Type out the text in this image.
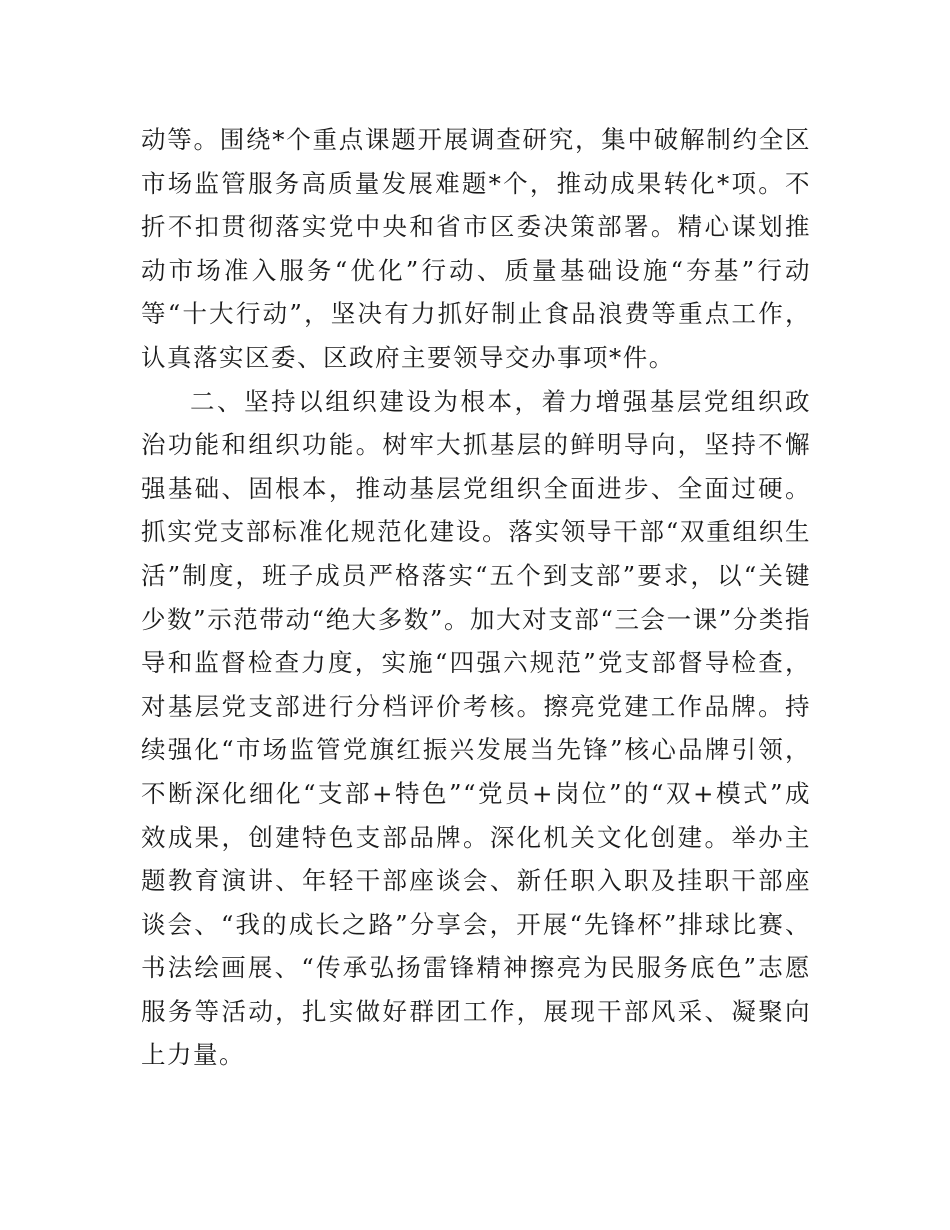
动等。围绕*个重点课题开展调查研究，集中破解制约全区市场监管服务高质量发展难题*个，推动成果转化*项。不折不扣贯彻落实党中央和省市区委决策部署。精心谋划推动市场准入服务“优化”行动、质量基础设施“夯基”行动等“十大行动”，坚决有力抓好制止食品浪费等重点工作，认真落实区委、区政府主要领导交办事项*件。

二、坚持以组织建设为根本，着力增强基层党组织政治功能和组织功能。树牢大抓基层的鲜明导向，坚持不懈强基础、固根本，推动基层党组织全面进步、全面过硬。抓实党支部标准化规范化建设。落实领导干部“双重组织生活”制度，班子成员严格落实“五个到支部”要求，以“关键少数”示范带动“绝大多数”。加大对支部“三会一课”分类指导和监督检查力度，实施“四强六规范”党支部督导检查，对基层党支部进行分档评价考核。擦亮党建工作品牌。持续强化“市场监管党旗红振兴发展当先锋”核心品牌引领，不断深化细化“支部+特色”“党员+岗位”的“双+模式”成效成果，创建特色支部品牌。深化机关文化创建。举办主题教育演讲、年轻干部座谈会、新任职入职及挂职干部座谈会、“我的成长之路”分享会，开展“先锋杯”排球比赛、书法绘画展、“传承弘扬雷锋精神擦亮为民服务底色”志愿服务等活动，扎实做好群团工作，展现干部风采、凝聚向上力量。
